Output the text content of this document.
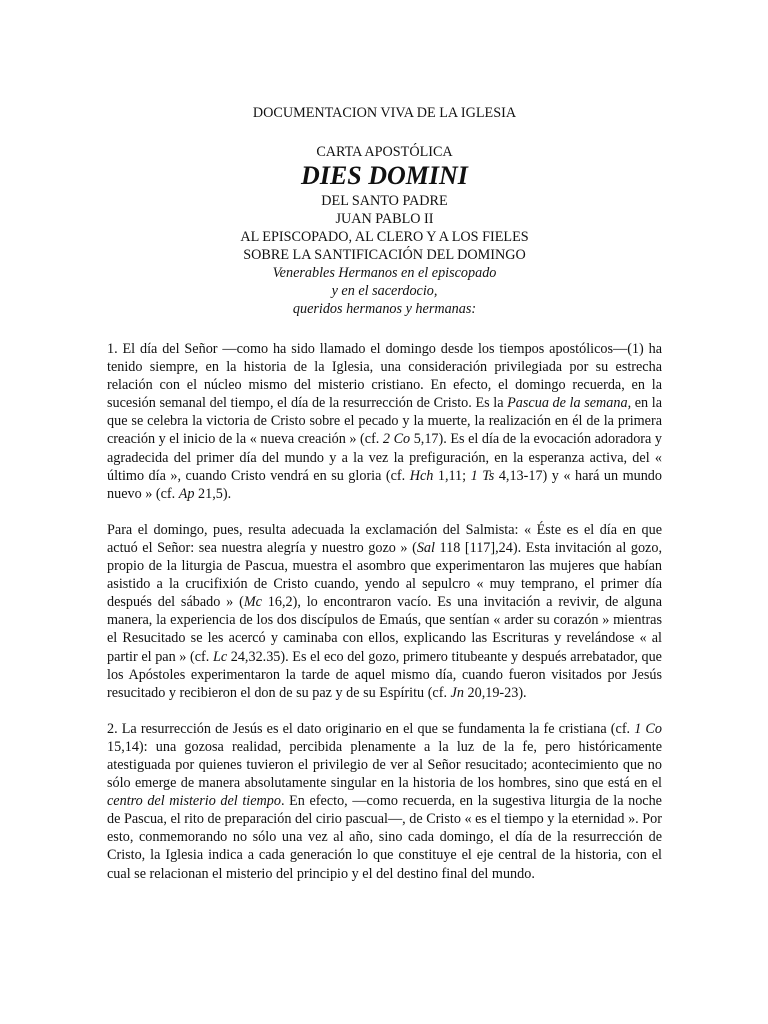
DOCUMENTACION VIVA DE LA IGLESIA

CARTA APOSTÓLICA

DIES DOMINI

DEL SANTO PADRE

JUAN PABLO II

AL EPISCOPADO, AL CLERO Y A LOS FIELES

SOBRE LA SANTIFICACIÓN DEL DOMINGO

Venerables Hermanos en el episcopado

y en el sacerdocio,

queridos hermanos y hermanas:

1. El día del Señor —como ha sido llamado el domingo desde los tiempos apostólicos—(1) ha tenido siempre, en la historia de la Iglesia, una consideración privilegiada por su estrecha relación con el núcleo mismo del misterio cristiano. En efecto, el domingo recuerda, en la sucesión semanal del tiempo, el día de la resurrección de Cristo. Es la Pascua de la semana, en la que se celebra la victoria de Cristo sobre el pecado y la muerte, la realización en él de la primera creación y el inicio de la « nueva creación » (cf. 2 Co 5,17). Es el día de la evocación adoradora y agradecida del primer día del mundo y a la vez la prefiguración, en la esperanza activa, del « último día », cuando Cristo vendrá en su gloria (cf. Hch 1,11; 1 Ts 4,13-17) y « hará un mundo nuevo » (cf. Ap 21,5).

Para el domingo, pues, resulta adecuada la exclamación del Salmista: « Éste es el día en que actuó el Señor: sea nuestra alegría y nuestro gozo » (Sal 118 [117],24). Esta invitación al gozo, propio de la liturgia de Pascua, muestra el asombro que experimentaron las mujeres que habían asistido a la crucifixión de Cristo cuando, yendo al sepulcro « muy temprano, el primer día después del sábado » (Mc 16,2), lo encontraron vacío. Es una invitación a revivir, de alguna manera, la experiencia de los dos discípulos de Emaús, que sentían « arder su corazón » mientras el Resucitado se les acercó y caminaba con ellos, explicando las Escrituras y revelándose « al partir el pan » (cf. Lc 24,32.35). Es el eco del gozo, primero titubeante y después arrebatador, que los Apóstoles experimentaron la tarde de aquel mismo día, cuando fueron visitados por Jesús resucitado y recibieron el don de su paz y de su Espíritu (cf. Jn 20,19-23).

2. La resurrección de Jesús es el dato originario en el que se fundamenta la fe cristiana (cf. 1 Co 15,14): una gozosa realidad, percibida plenamente a la luz de la fe, pero históricamente atestiguada por quienes tuvieron el privilegio de ver al Señor resucitado; acontecimiento que no sólo emerge de manera absolutamente singular en la historia de los hombres, sino que está en el centro del misterio del tiempo. En efecto, —como recuerda, en la sugestiva liturgia de la noche de Pascua, el rito de preparación del cirio pascual—, de Cristo « es el tiempo y la eternidad ». Por esto, conmemorando no sólo una vez al año, sino cada domingo, el día de la resurrección de Cristo, la Iglesia indica a cada generación lo que constituye el eje central de la historia, con el cual se relacionan el misterio del principio y el del destino final del mundo.
